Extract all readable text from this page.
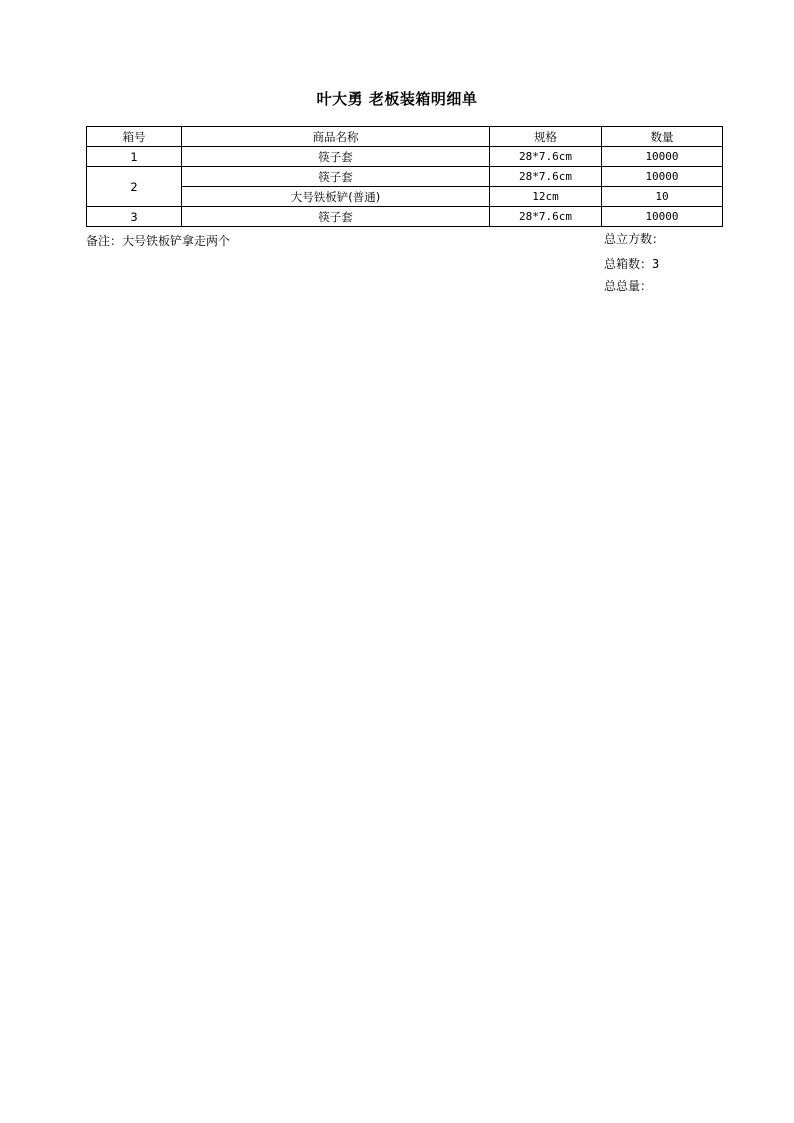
叶大勇 老板装箱明细单
箱号	商品名称	规格	数量
1	筷子套	28*7.6cm	10000
2	筷子套	28*7.6cm	10000
	大号铁板铲(普通)	12cm	10
3	筷子套	28*7.6cm	10000
备注：大号铁板铲拿走两个	总立方数：
总箱数：3
总总量：
